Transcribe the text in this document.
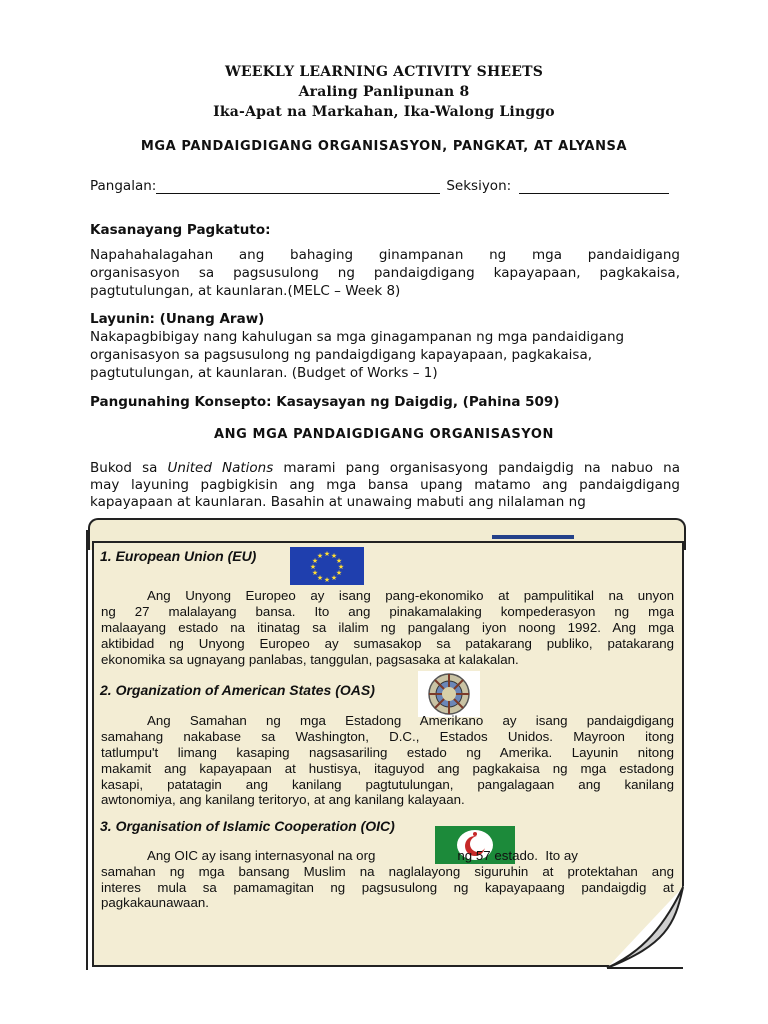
WEEKLY LEARNING ACTIVITY SHEETS
Araling Panlipunan 8
Ika-Apat na Markahan, Ika-Walong Linggo
MGA PANDAIGDIGANG ORGANISASYON, PANGKAT, AT ALYANSA
Pangalan:	Seksiyon:
Kasanayang Pagkatuto:
Napahahalagahan ang bahaging ginampanan ng mga pandaidigang
organisasyon sa pagsusulong ng pandaigdigang kapayapaan, pagkakaisa,
pagtutulungan, at kaunlaran.(MELC – Week 8)
Layunin: (Unang Araw)
Nakapagbibigay nang kahulugan sa mga ginagampanan ng mga pandaidigang
organisasyon sa pagsusulong ng pandaigdigang kapayapaan, pagkakaisa,
pagtutulungan, at kaunlaran. (Budget of Works – 1)
Pangunahing Konsepto: Kasaysayan ng Daigdig, (Pahina 509)
ANG MGA PANDAIGDIGANG ORGANISASYON
Bukod sa United Nations marami pang organisasyong pandaigdig na nabuo na
may layuning pagbigkisin ang mga bansa upang matamo ang pandaigdigang
kapayapaan at kaunlaran. Basahin at unawaing mabuti ang nilalaman ng
1. European Union (EU)	★ ★
★
★
★
★
★
★
★
★
★
★
Ang Unyong Europeo ay isang pang-ekonomiko at pampulitikal na unyon
ng 27 malalayang bansa. Ito ang pinakamalaking kompederasyon ng mga
malaayang estado na itinatag sa ilalim ng pangalang iyon noong 1992. Ang mga
aktibidad ng Unyong Europeo ay sumasakop sa patakarang publiko, patakarang
ekonomika sa ugnayang panlabas, tanggulan, pagsasaka at kalakalan.
2. Organization of American States (OAS)
Ang Samahan ng mga Estadong Amerikano ay isang pandaigdigang
samahang nakabase sa Washington, D.C., Estados Unidos. Mayroon itong
tatlumpu't limang kasaping nagsasariling estado ng Amerika. Layunin nitong
makamit ang kapayapaan at hustisya, itaguyod ang pagkakaisa ng mga estadong
kasapi, patatagin ang kanilang pagtutulungan, pangalagaan ang kanilang
awtonomiya, ang kanilang teritoryo, at ang kanilang kalayaan.
3. Organisation of Islamic Cooperation (OIC)
Ang OIC ay isang internasyonal na org	ng 57 estado.  Ito ay
samahan ng mga bansang Muslim na naglalayong siguruhin at protektahan ang
interes mula sa pamamagitan ng pagsusulong ng kapayapaang pandaigdig at
pagkakaunawaan.
